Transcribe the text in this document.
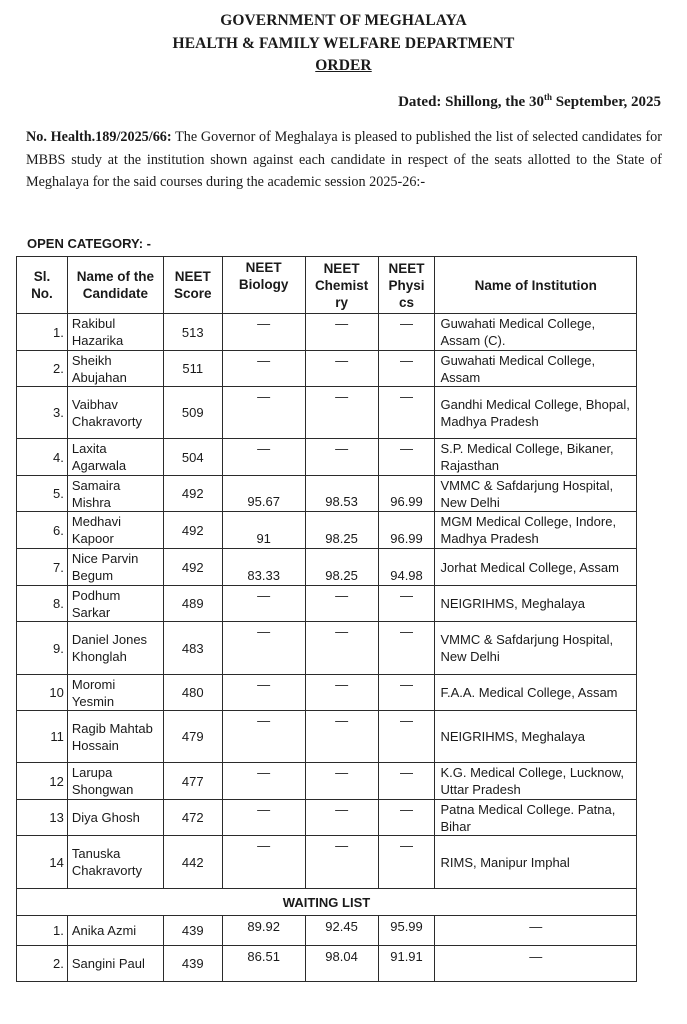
GOVERNMENT OF MEGHALAYA
HEALTH & FAMILY WELFARE DEPARTMENT
ORDER
Dated: Shillong, the 30th September, 2025
No. Health.189/2025/66: The Governor of Meghalaya is pleased to published the list of selected candidates for MBBS study at the institution shown against each candidate in respect of the seats allotted to the State of Meghalaya for the said courses during the academic session 2025-26:-
OPEN CATEGORY: -
Sl. No.	Name of the Candidate	NEET Score	NEET Biology	NEET Chemist ry	NEET Physi cs	Name of Institution
1.	Rakibul Hazarika	513	—	—	—	Guwahati Medical College, Assam (C).
2.	Sheikh Abujahan	511	—	—	—	Guwahati Medical College, Assam
3.	Vaibhav Chakravorty	509	—	—	—	Gandhi Medical College, Bhopal, Madhya Pradesh
4.	Laxita Agarwala	504	—	—	—	S.P. Medical College, Bikaner, Rajasthan
5.	Samaira Mishra	492	95.67	98.53	96.99	VMMC & Safdarjung Hospital, New Delhi
6.	Medhavi Kapoor	492	91	98.25	96.99	MGM Medical College, Indore, Madhya Pradesh
7.	Nice Parvin Begum	492	83.33	98.25	94.98	Jorhat Medical College, Assam
8.	Podhum Sarkar	489	—	—	—	NEIGRIHMS, Meghalaya
9.	Daniel Jones Khonglah	483	—	—	—	VMMC & Safdarjung Hospital, New Delhi
10	Moromi Yesmin	480	—	—	—	F.A.A. Medical College, Assam
11	Ragib Mahtab Hossain	479	—	—	—	NEIGRIHMS, Meghalaya
12	Larupa Shongwan	477	—	—	—	K.G. Medical College, Lucknow, Uttar Pradesh
13	Diya Ghosh	472	—	—	—	Patna Medical College. Patna, Bihar
14	Tanuska Chakravorty	442	—	—	—	RIMS, Manipur Imphal
WAITING LIST						
1.	Anika Azmi	439	89.92	92.45	95.99	—
2.	Sangini Paul	439	86.51	98.04	91.91	—
